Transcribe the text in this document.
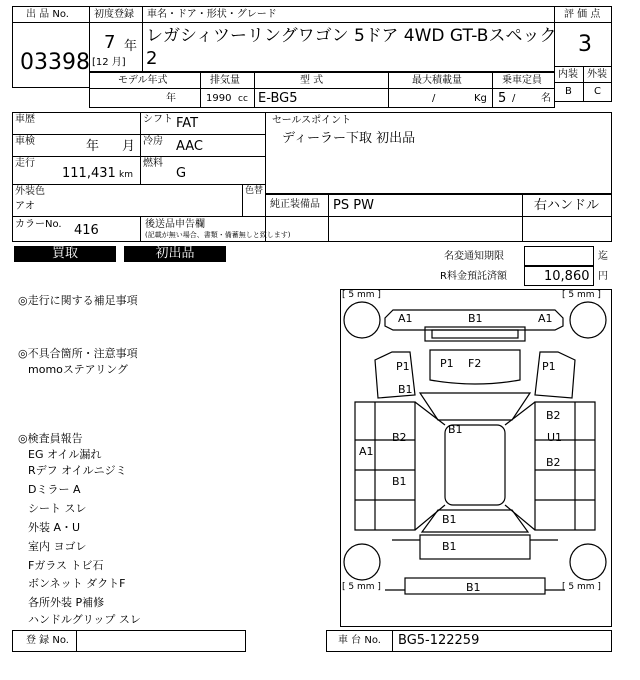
出 品 No.
03398
初度登録
7 年
[12 月]
車名・ドア・形状・グレード
レガシィツーリングワゴン 5ドア 4WD GT-Bスペック
2
評 価 点
3
内装 外装
B C
モデル年式	排気量	型 式	最大積載量	乗車定員
年	1990 cc E-BG5	/	Kg 5 /	名
車歴	シフト FAT
車検	年 月 冷房 AAC
走行
111,431 km
燃料
G
外装色
アオ
色替
カラーNo. 416	後送品申告欄
(記載が無い場合、書類・備蓄無しと致します)
セールスポイント
ディーラー下取 初出品
純正装備品 PS PW	右ハンドル
買取	初出品	名変通知期限	迄
R料金預託済額	10,860 円
◎走行に関する補足事項
◎不具合箇所・注意事項
momoステアリング
◎検査員報告
EG オイル漏れ
Rデフ オイルニジミ
Dミラー A
シート スレ
外装 A・U
室内 ヨゴレ
Fガラス トビ石
ボンネット ダクトF
各所外装 P補修
ハンドルグリップ スレ
[ 5 mm ]	[ 5 mm ]
[ 5 mm ]	[ 5 mm ]
A1	B1	A1
P1	P1 F2	P1
B1
B1
B2
B2
A1
U1
B1
B2
B1
B1
B1
登 録 No.	車 台 No. BG5-122259
